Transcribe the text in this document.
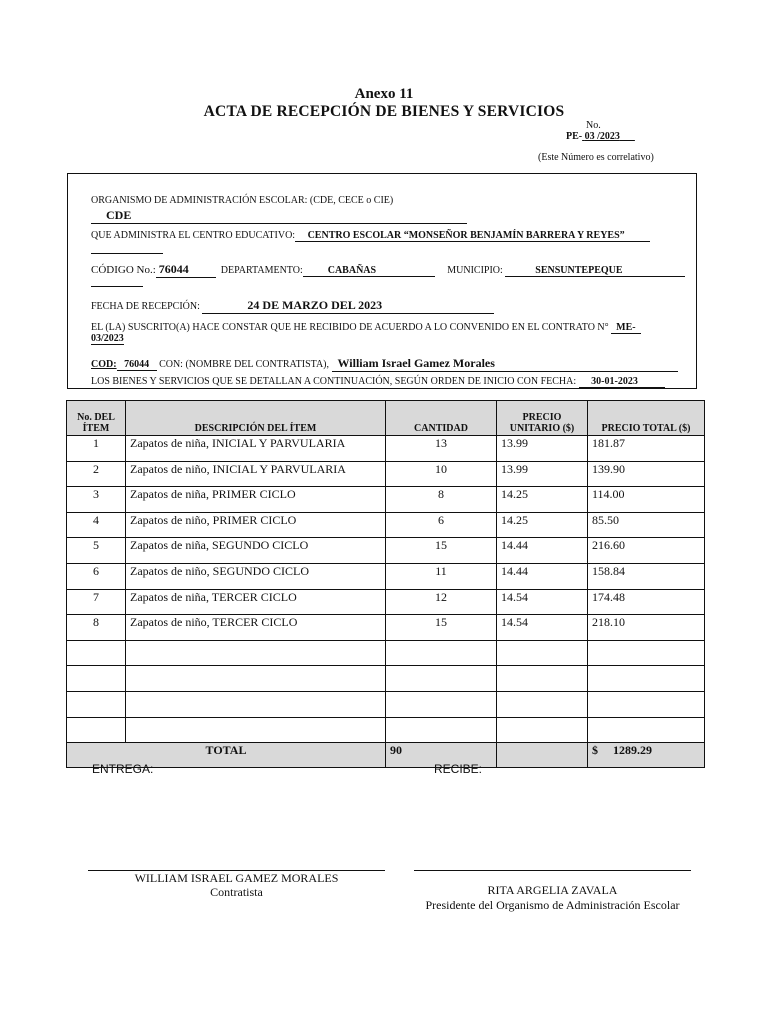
Anexo 11
ACTA DE RECEPCIÓN DE BIENES Y SERVICIOS
No.
PE- 03 /2023
(Este Número es correlativo)
ORGANISMO DE ADMINISTRACIÓN ESCOLAR: (CDE, CECE o CIE)
CDE
QUE ADMINISTRA EL CENTRO EDUCATIVO: CENTRO ESCOLAR “MONSEÑOR BENJAMÍN BARRERA Y REYES”

CÓDIGO No.: 76044	DEPARTAMENTO:	CABAÑAS	MUNICIPIO:	SENSUNTEPEQUE

FECHA DE RECEPCIÓN:	24 DE MARZO DEL 2023
EL (LA) SUSCRITO(A) HACE CONSTAR QUE HE RECIBIDO DE ACUERDO A LO CONVENIDO EN EL CONTRATO N° ME-
03/2023
COD: 76044 CON: (NOMBRE DEL CONTRATISTA), William Israel Gamez Morales
LOS BIENES Y SERVICIOS QUE SE DETALLAN A CONTINUACIÓN, SEGÚN ORDEN DE INICIO CON FECHA: 30-01-2023
No. DEL
ÍTEM	DESCRIPCIÓN DEL ÍTEM	CANTIDAD	PRECIO
UNITARIO ($)	PRECIO TOTAL ($)
1	Zapatos de niña, INICIAL Y PARVULARIA	13	13.99	181.87
2	Zapatos de niño, INICIAL Y PARVULARIA	10	13.99	139.90
3	Zapatos de niña, PRIMER CICLO	8	14.25	114.00
4	Zapatos de niño, PRIMER CICLO	6	14.25	85.50
5	Zapatos de niña, SEGUNDO CICLO	15	14.44	216.60
6	Zapatos de niño, SEGUNDO CICLO	11	14.44	158.84
7	Zapatos de niña, TERCER CICLO	12	14.54	174.48
8	Zapatos de niño, TERCER CICLO	15	14.54	218.10

TOTAL		90		$ 1289.29
ENTREGA:	RECIBE:
WILLIAM ISRAEL GAMEZ MORALES
Contratista	RITA ARGELIA ZAVALA
Presidente del Organismo de Administración Escolar
